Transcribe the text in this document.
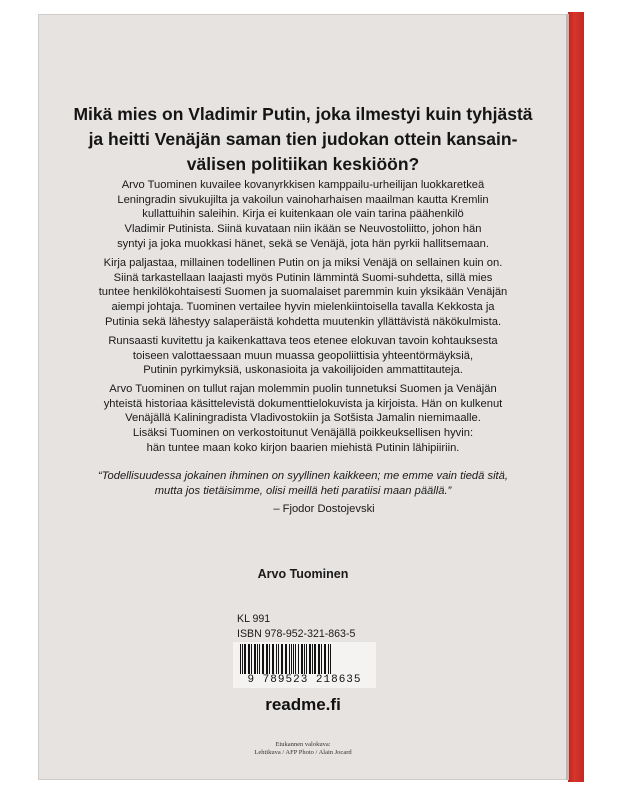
Mikä mies on Vladimir Putin, joka ilmestyi kuin tyhjästä
ja heitti Venäjän saman tien judokan ottein kansain-
välisen politiikan keskiöön?
Arvo Tuominen kuvailee kovanyrkkisen kamppailu-urheilijan luokkaretkeä
Leningradin sivukujilta ja vakoilun vainoharhaisen maailman kautta Kremlin
kullattuihin saleihin. Kirja ei kuitenkaan ole vain tarina päähenkilö
Vladimir Putinista. Siinä kuvataan niin ikään se Neuvostoliitto, johon hän
syntyi ja joka muokkasi hänet, sekä se Venäjä, jota hän pyrkii hallitsemaan.
Kirja paljastaa, millainen todellinen Putin on ja miksi Venäjä on sellainen kuin on.
Siinä tarkastellaan laajasti myös Putinin lämmintä Suomi-suhdetta, sillä mies
tuntee henkilökohtaisesti Suomen ja suomalaiset paremmin kuin yksikään Venäjän
aiempi johtaja. Tuominen vertailee hyvin mielenkiintoisella tavalla Kekkosta ja
Putinia sekä lähestyy salaperäistä kohdetta muutenkin yllättävistä näkökulmista.
Runsaasti kuvitettu ja kaikenkattava teos etenee elokuvan tavoin kohtauksesta
toiseen valottaessaan muun muassa geopoliittisia yhteentörmäyksiä,
Putinin pyrkimyksiä, uskonasioita ja vakoilijoiden ammattitauteja.
Arvo Tuominen on tullut rajan molemmin puolin tunnetuksi Suomen ja Venäjän
yhteistä historiaa käsittelevistä dokumenttielokuvista ja kirjoista. Hän on kulkenut
Venäjällä Kaliningradista Vladivostokiin ja Sotšista Jamalin niemimaalle.
Lisäksi Tuominen on verkostoitunut Venäjällä poikkeuksellisen hyvin:
hän tuntee maan koko kirjon baarien miehistä Putinin lähipiiriin.
“Todellisuudessa jokainen ihminen on syyllinen kaikkeen; me emme vain tiedä sitä,
mutta jos tietäisimme, olisi meillä heti paratiisi maan päällä.”
– Fjodor Dostojevski
Arvo Tuominen
KL 991
ISBN 978-952-321-863-5
9 789523 218635
readme.fi
Etukannen valokuva:
Lehtikuva / AFP Photo / Alain Jocard
